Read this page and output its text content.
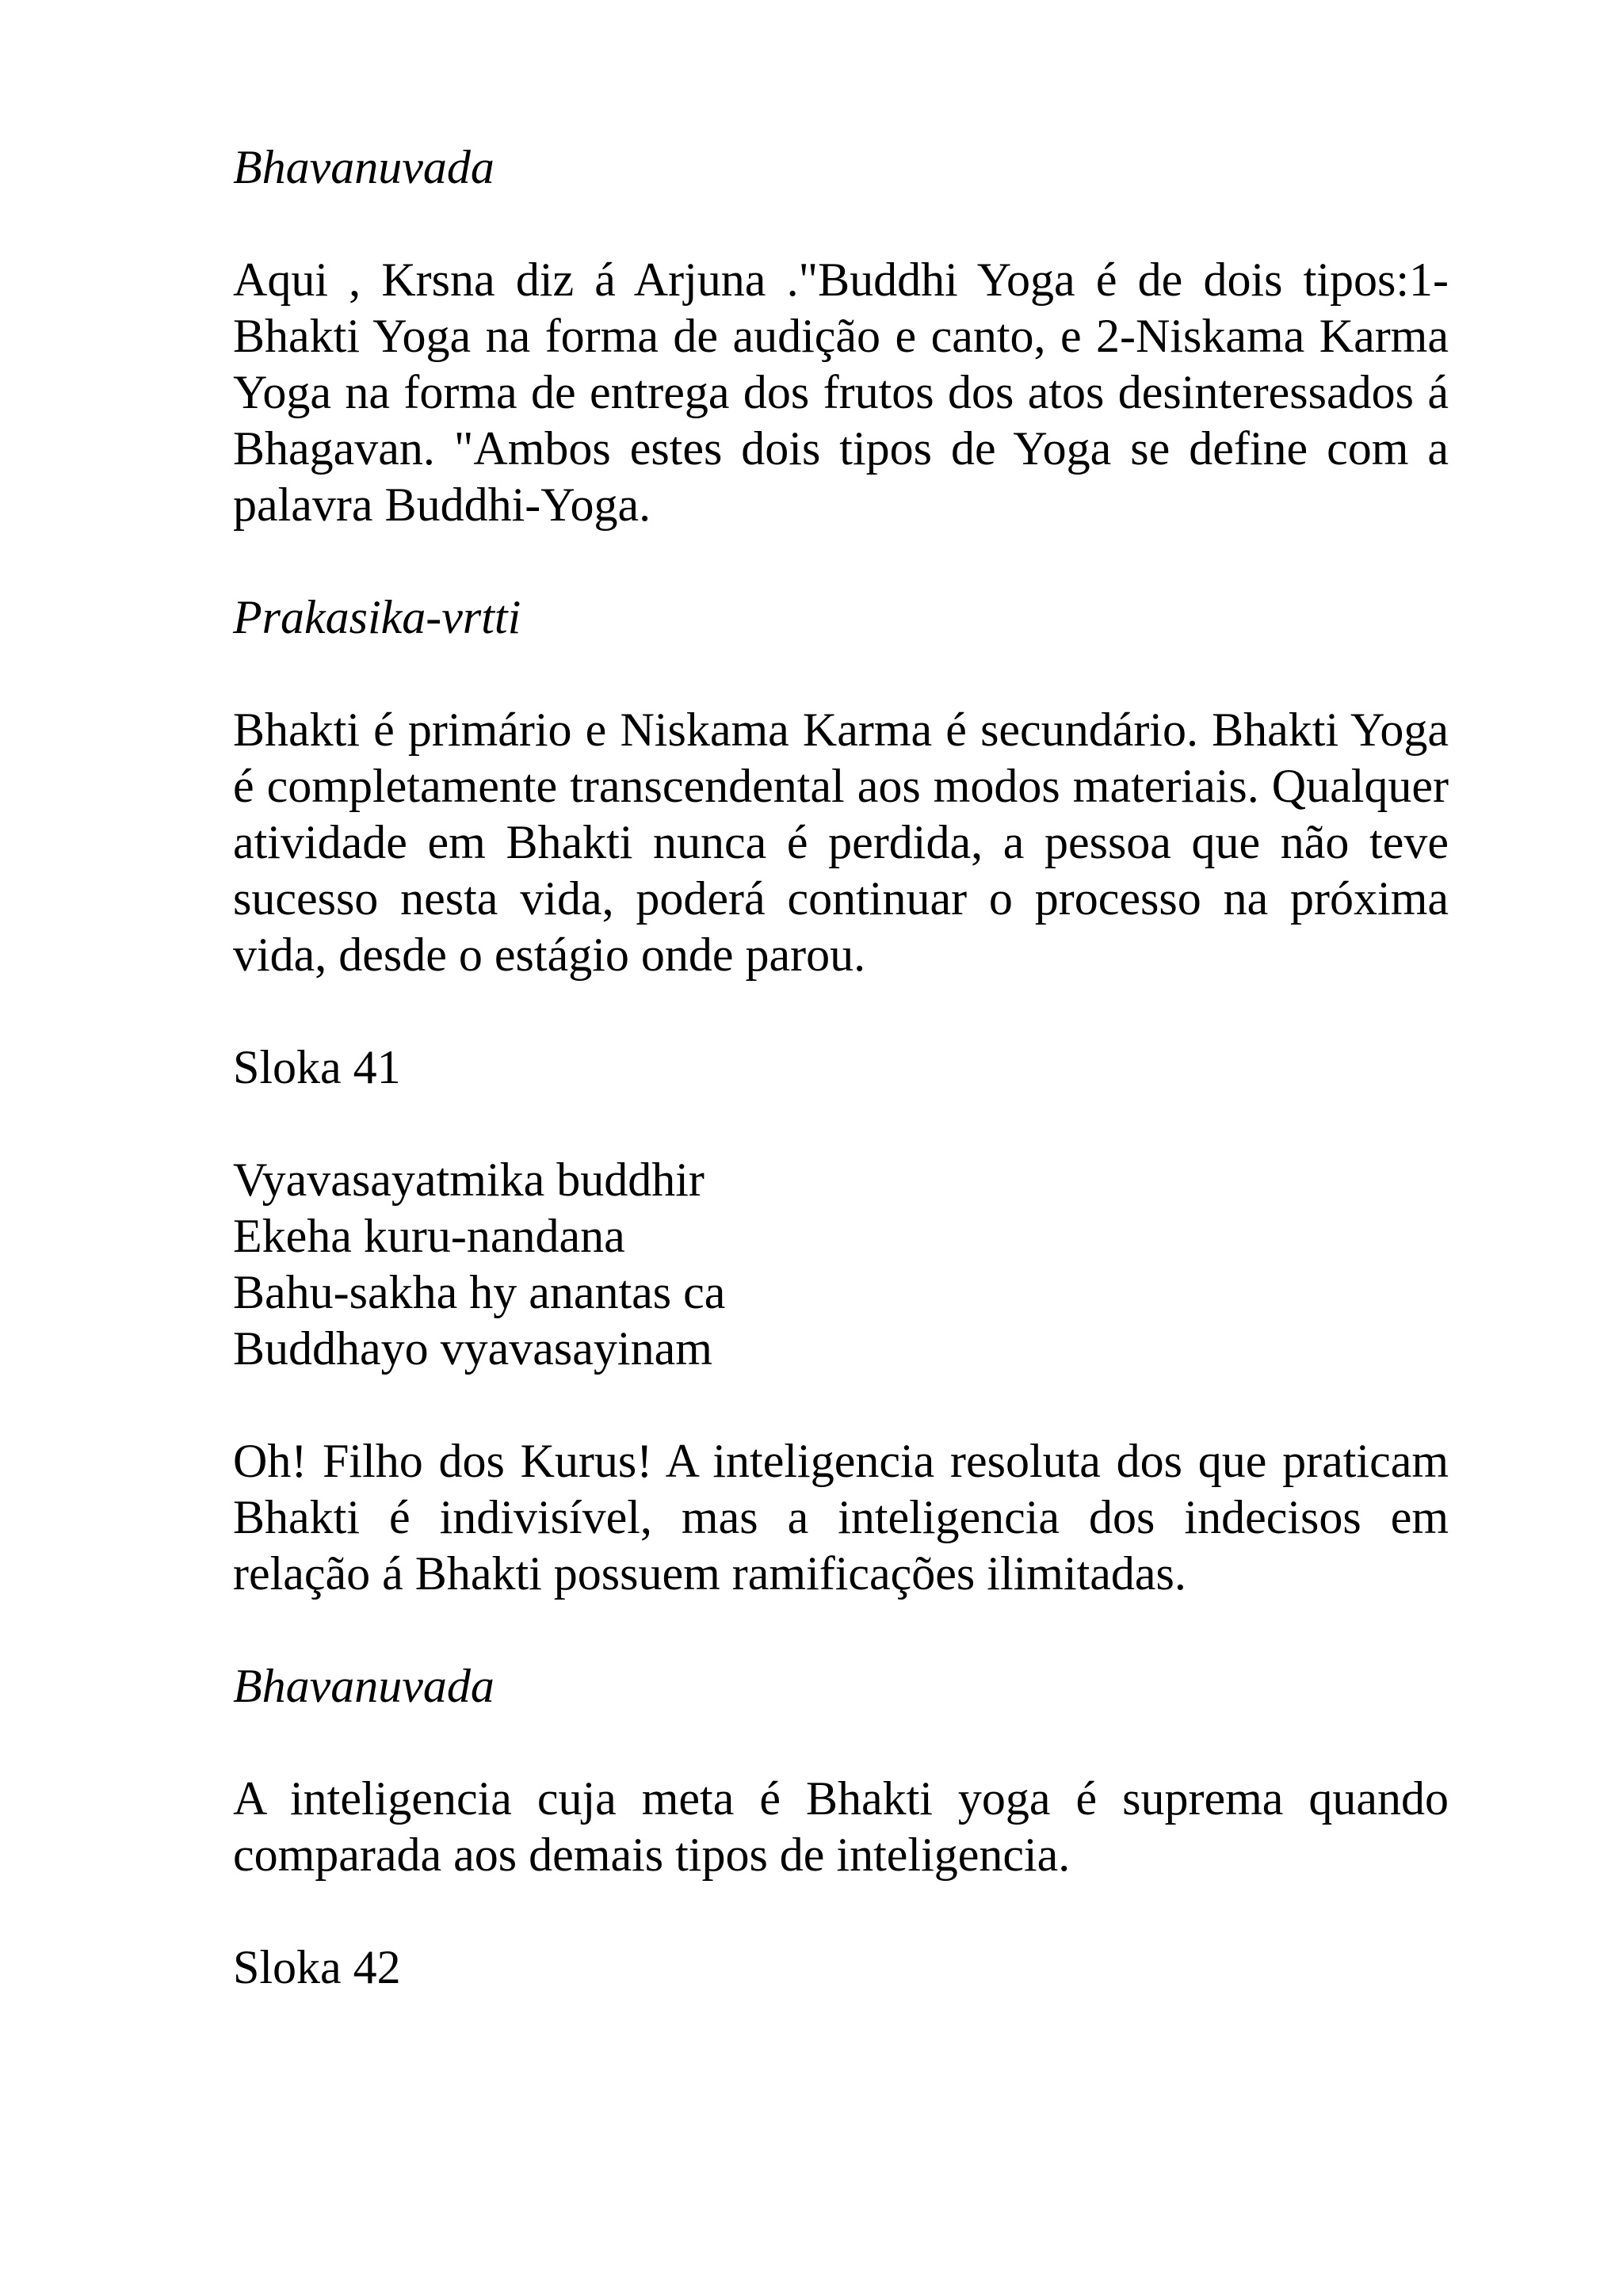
Bhavanuvada

Aqui , Krsna diz á Arjuna ."Buddhi Yoga é de dois tipos:1-Bhakti Yoga na forma de audição e canto, e 2-Niskama Karma Yoga na forma de entrega dos frutos dos atos desinteressados á Bhagavan. "Ambos estes dois tipos de Yoga se define com a palavra Buddhi-Yoga.

Prakasika-vrtti

Bhakti é primário e Niskama Karma é secundário. Bhakti Yoga é completamente transcendental aos modos materiais. Qualquer atividade em Bhakti nunca é perdida, a pessoa que não teve sucesso nesta vida, poderá continuar o processo na próxima vida, desde o estágio onde parou.

Sloka 41

Vyavasayatmika buddhir
Ekeha kuru-nandana
Bahu-sakha hy anantas ca
Buddhayo vyavasayinam

Oh! Filho dos Kurus! A inteligencia resoluta dos que praticam Bhakti é indivisível, mas a inteligencia dos indecisos em relação á Bhakti possuem ramificações ilimitadas.

Bhavanuvada

A inteligencia cuja meta é Bhakti yoga é suprema quando comparada aos demais tipos de inteligencia.

Sloka 42
